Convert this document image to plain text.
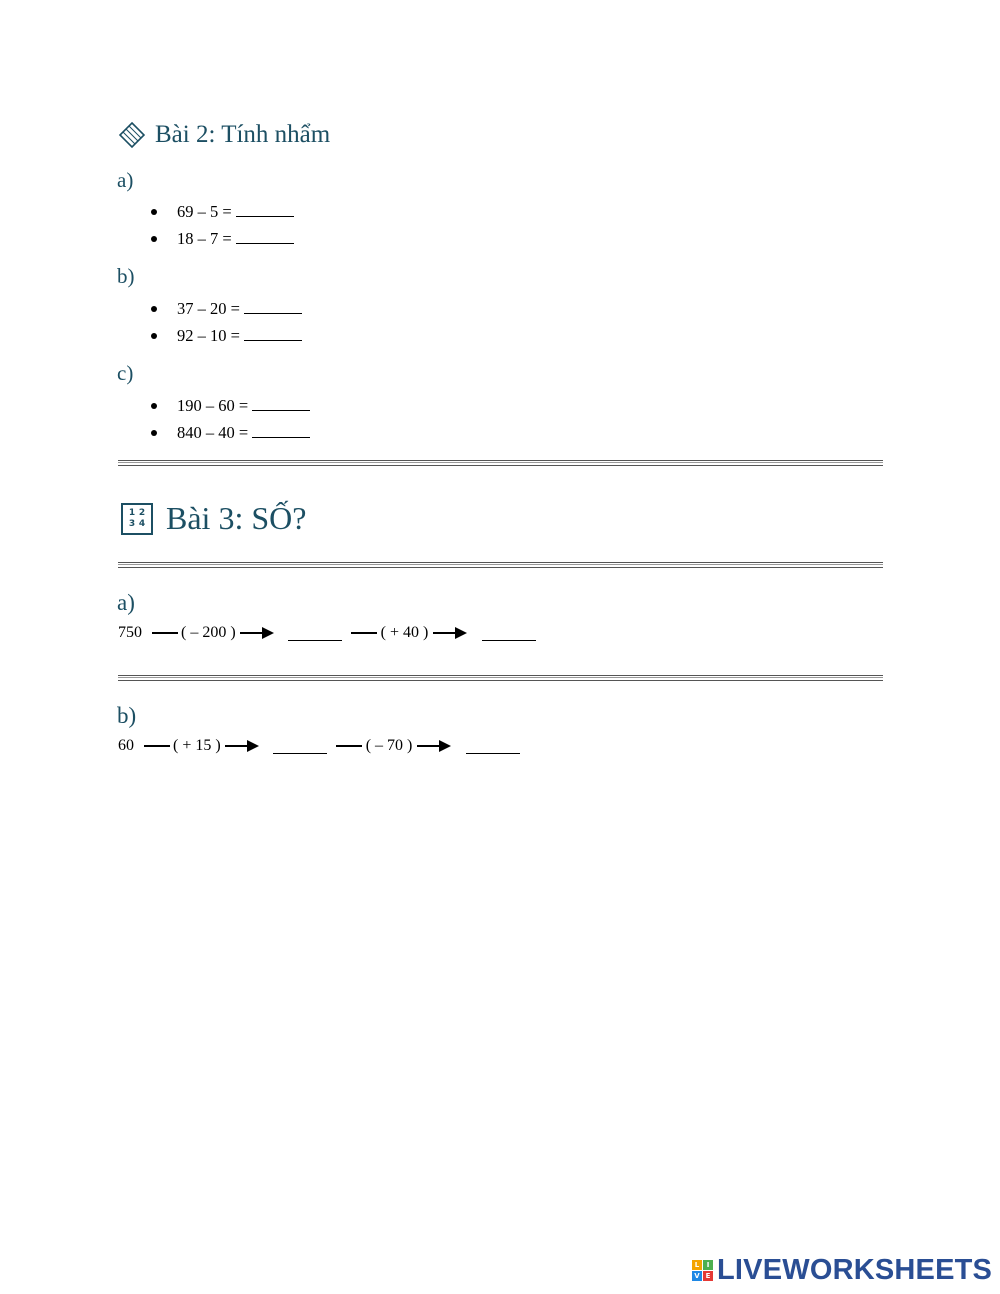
Bài 2: Tính nhẩm
a)
69 – 5 =
18 – 7 =
b)
37 – 20 =
92 – 10 =
c)
190 – 60 =
840 – 40 =
1 2
3 4 Bài 3: SỐ?
a)
750 ( – 200 )	( + 40 )
b)
60 ( + 15 )	( – 70 )
L	I
V E LIVEWORKSHEETS
